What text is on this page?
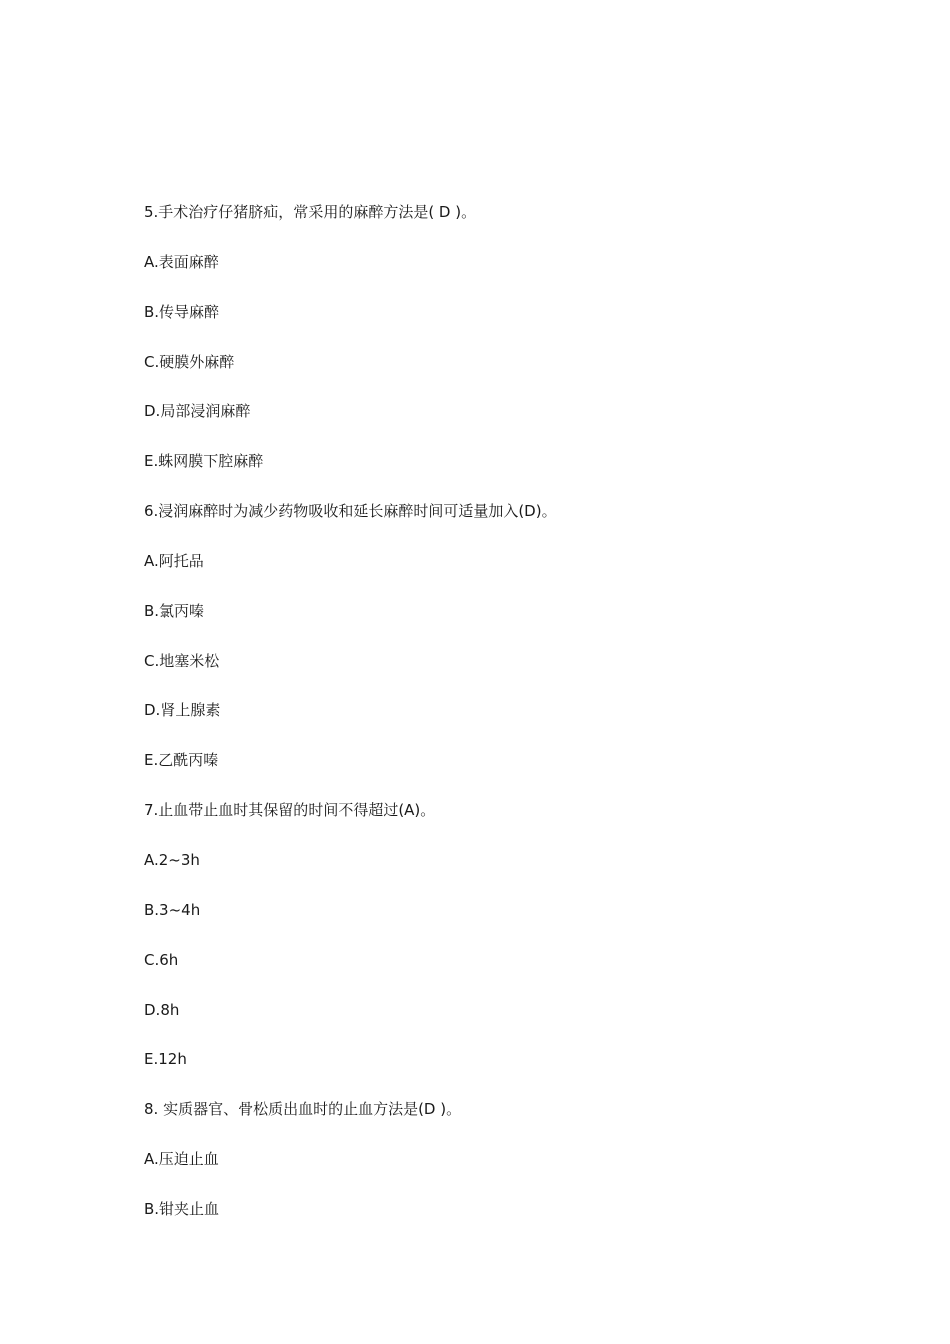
5.手术治疗仔猪脐疝，常采用的麻醉方法是( D )。
A.表面麻醉
B.传导麻醉
C.硬膜外麻醉
D.局部浸润麻醉
E.蛛网膜下腔麻醉
6.浸润麻醉时为减少药物吸收和延长麻醉时间可适量加入(D)。
A.阿托品
B.氯丙嗪
C.地塞米松
D.肾上腺素
E.乙酰丙嗪
7.止血带止血时其保留的时间不得超过(A)。
A.2~3h
B.3~4h
C.6h
D.8h
E.12h
8. 实质器官、骨松质出血时的止血方法是(D )。
A.压迫止血
B.钳夹止血
